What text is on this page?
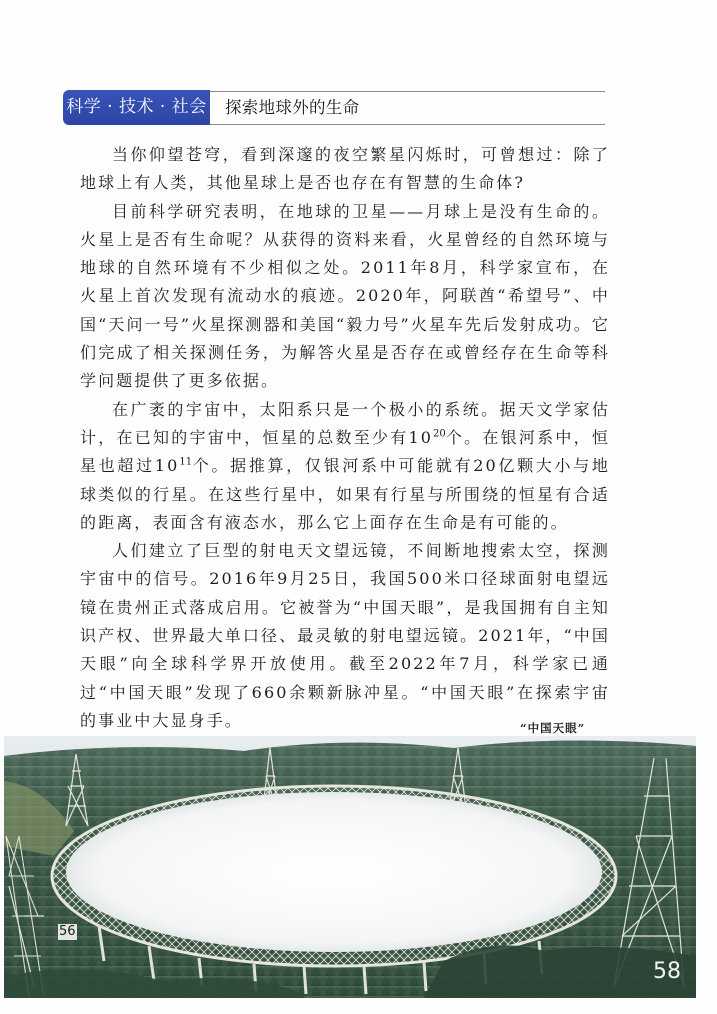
科学 · 技术 · 社会 探索地球外的生命

当你仰望苍穹，看到深邃的夜空繁星闪烁时，可曾想过：除了地球上有人类，其他星球上是否也存在有智慧的生命体?

目前科学研究表明，在地球的卫星——月球上是没有生命的。火星上是否有生命呢？从获得的资料来看，火星曾经的自然环境与地球的自然环境有不少相似之处。2011年8月，科学家宣布，在火星上首次发现有流动水的痕迹。2020年，阿联酋“希望号”、中国“天问一号”火星探测器和美国“毅力号”火星车先后发射成功。它们完成了相关探测任务，为解答火星是否存在或曾经存在生命等科学问题提供了更多依据。

在广袤的宇宙中，太阳系只是一个极小的系统。据天文学家估计，在已知的宇宙中，恒星的总数至少有$10^{20}$个。在银河系中，恒星也超过$10^{11}$个。据推算，仅银河系中可能就有20亿颗大小与地球类似的行星。在这些行星中，如果有行星与所围绕的恒星有合适的距离，表面含有液态水，那么它上面存在生命是有可能的。

人们建立了巨型的射电天文望远镜，不间断地搜索太空，探测宇宙中的信号。2016年9月25日，我国500米口径球面射电望远镜在贵州正式落成启用。它被誉为“中国天眼”，是我国拥有自主知识产权、世界最大单口径、最灵敏的射电望远镜。2021年，“中国天眼”向全球科学界开放使用。截至2022年7月，科学家已通过“中国天眼”发现了660余颗新脉冲星。“中国天眼”在探索宇宙的事业中大显身手。	“中国天眼”
56
58
